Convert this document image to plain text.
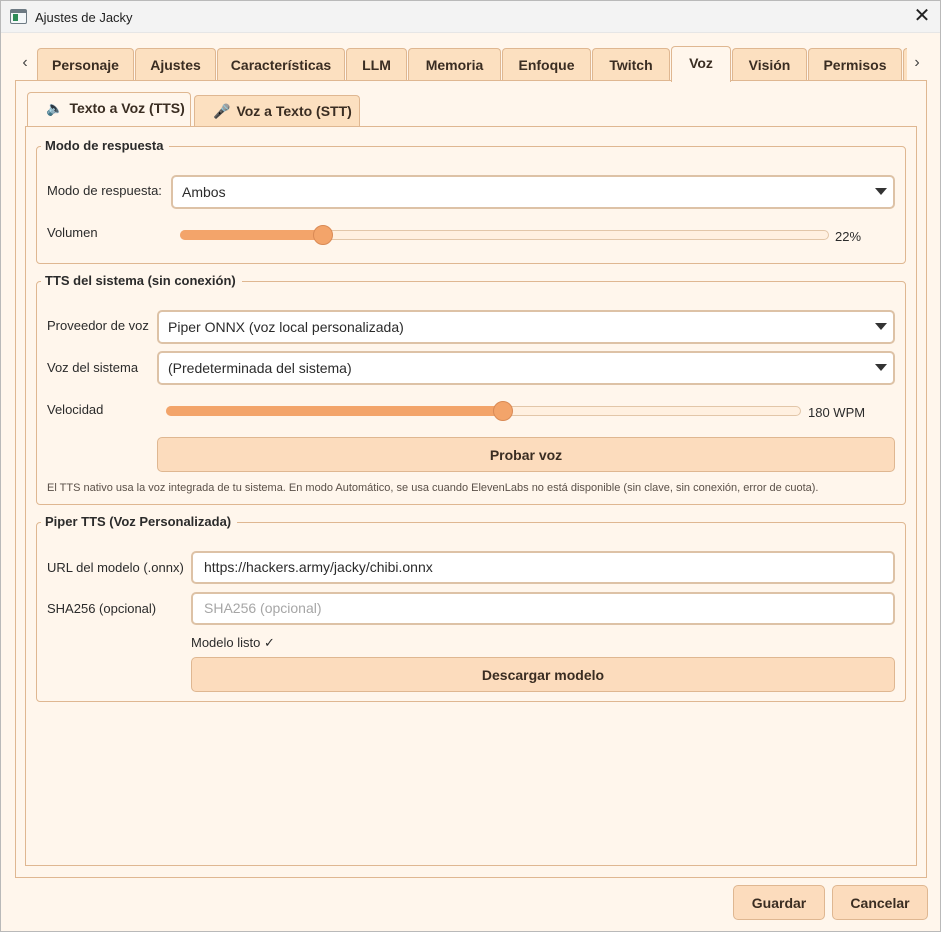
Ajustes de Jacky	✕
‹	›
Personaje	Ajustes	Características	LLM	Memoria	Enfoque	Twitch	Voz	Visión	Permisos
🔈 Texto a Voz (TTS)	🎤 Voz a Texto (STT)
Modo de respuesta
Modo de respuesta:	Ambos
Volumen	22%
TTS del sistema (sin conexión)
Proveedor de voz	Piper ONNX (voz local personalizada)
Voz del sistema	(Predeterminada del sistema)
Velocidad	180 WPM
Probar voz
El TTS nativo usa la voz integrada de tu sistema. En modo Automático, se usa cuando ElevenLabs no está disponible (sin clave, sin conexión, error de cuota).
Piper TTS (Voz Personalizada)
URL del modelo (.onnx)	https://hackers.army/jacky/chibi.onnx
SHA256 (opcional)	SHA256 (opcional)
Modelo listo ✓
Descargar modelo
Guardar	Cancelar
